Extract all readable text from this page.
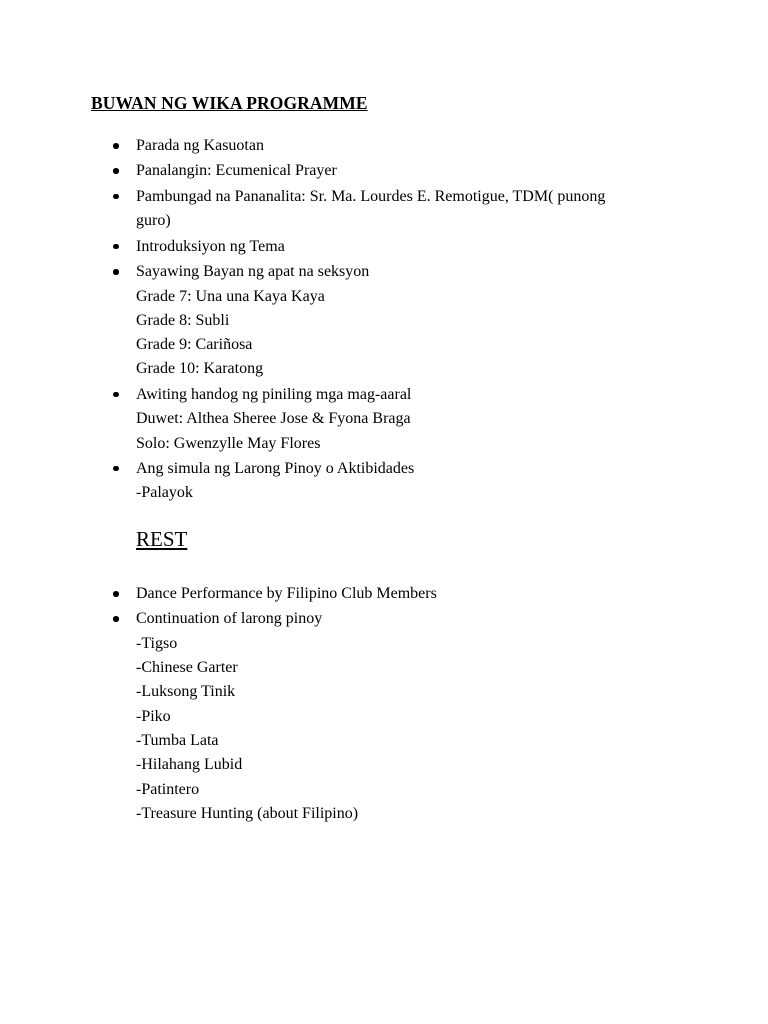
BUWAN NG WIKA PROGRAMME
Parada ng Kasuotan
Panalangin: Ecumenical Prayer
Pambungad na Pananalita: Sr. Ma. Lourdes E. Remotigue, TDM( punong
guro)
Introduksiyon ng Tema
Sayawing Bayan ng apat na seksyon
Grade 7: Una una Kaya Kaya
Grade 8: Subli
Grade 9: Cariñosa
Grade 10: Karatong
Awiting handog ng piniling mga mag-aaral
Duwet: Althea Sheree Jose & Fyona Braga
Solo: Gwenzylle May Flores
Ang simula ng Larong Pinoy o Aktibidades
-Palayok
REST
Dance Performance by Filipino Club Members
Continuation of larong pinoy
-Tigso
-Chinese Garter
-Luksong Tinik
-Piko
-Tumba Lata
-Hilahang Lubid
-Patintero
-Treasure Hunting (about Filipino)
